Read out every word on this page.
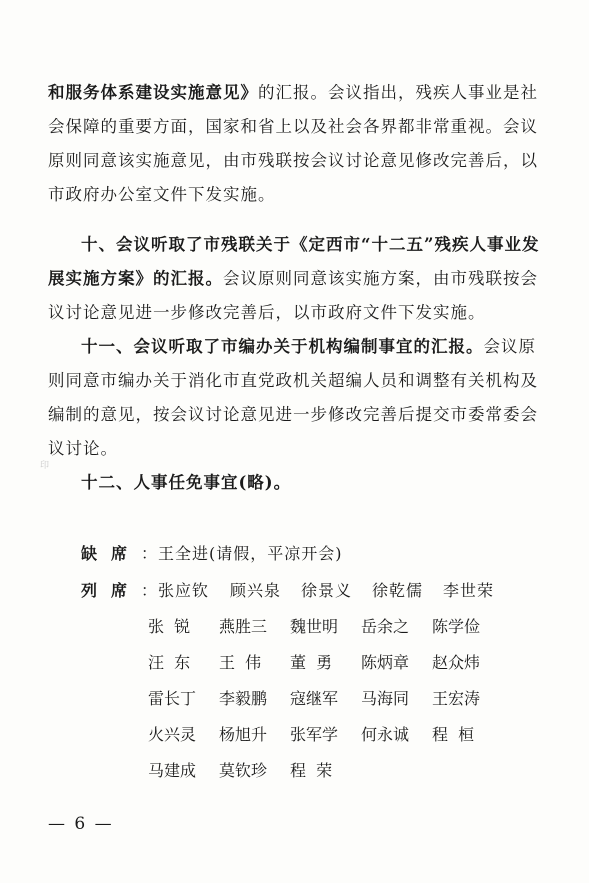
和服务体系建设实施意见》的汇报。会议指出，残疾人事业是社会保障的重要方面，国家和省上以及社会各界都非常重视。会议原则同意该实施意见，由市残联按会议讨论意见修改完善后，以市政府办公室文件下发实施。
十、会议听取了市残联关于《定西市“十二五”残疾人事业发展实施方案》的汇报。会议原则同意该实施方案，由市残联按会议讨论意见进一步修改完善后，以市政府文件下发实施。
十一、会议听取了市编办关于机构编制事宜的汇报。会议原则同意市编办关于消化市直党政机关超编人员和调整有关机构及编制的意见，按会议讨论意见进一步修改完善后提交市委常委会议讨论。
印
十二、人事任免事宜(略)。
缺席：王全进(请假，平凉开会)
列席：张应钦 顾兴泉 徐景义 徐乾儒 李世荣
张  锐	燕胜三	魏世明	岳余之	陈学俭
汪  东	王  伟	董  勇	陈炳章	赵众炜
雷长丁	李毅鹏	寇继军	马海同	王宏涛
火兴灵	杨旭升	张军学	何永诚	程  桓
马建成	莫钦珍	程  荣
— 6 —
